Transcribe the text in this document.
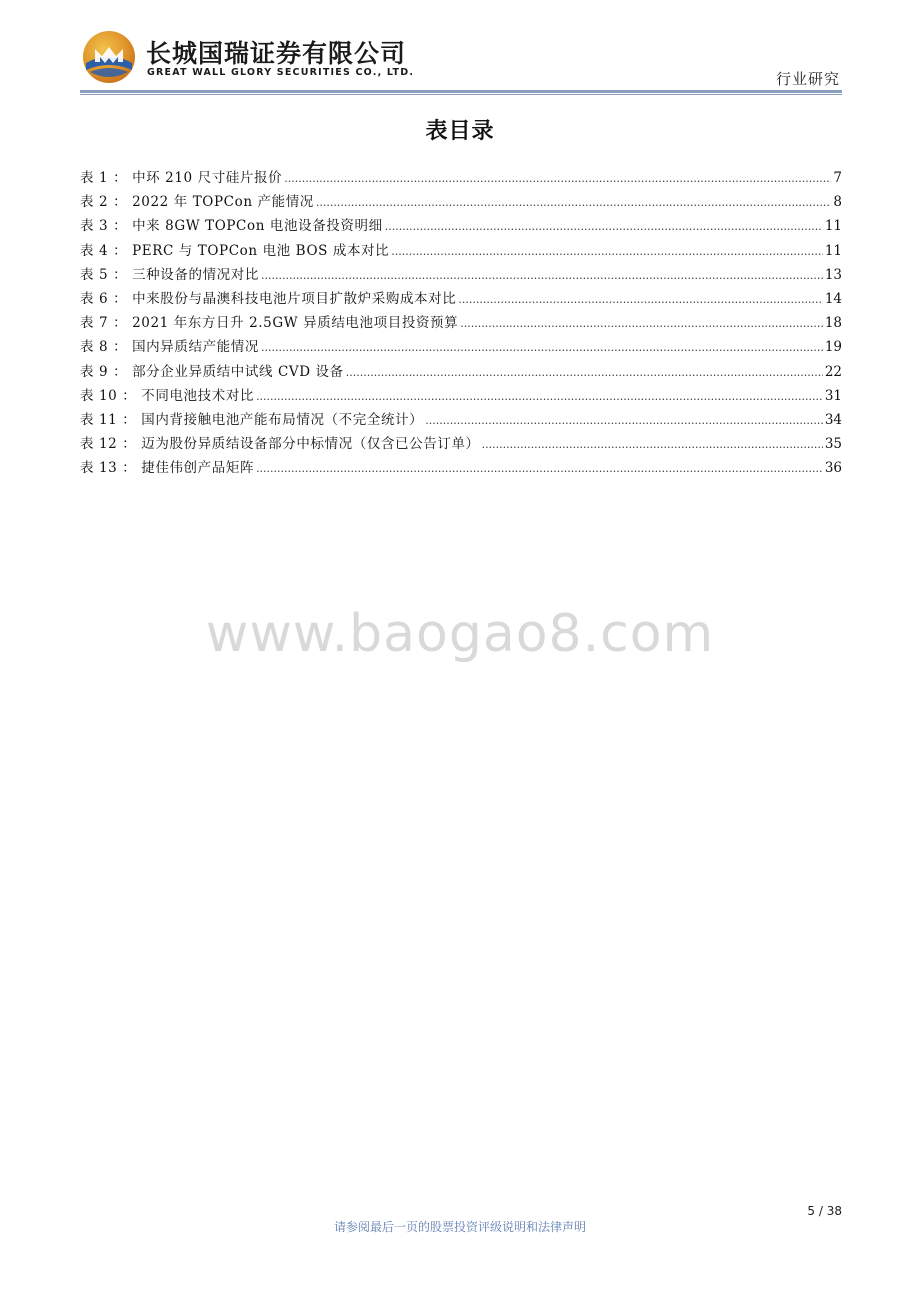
长城国瑞证券有限公司
GREAT WALL GLORY SECURITIES CO., LTD.	行业研究
表目录
表 1 ： 中环 210 尺寸硅片报价 .....	7
表 2 ： 2022 年 TOPCon 产能情况 .....	8
表 3 ： 中来 8GW TOPCon 电池设备投资明细 .....	11
表 4 ： PERC 与 TOPCon 电池 BOS 成本对比 .....	11
表 5 ： 三种设备的情况对比 .....	13
表 6 ： 中来股份与晶澳科技电池片项目扩散炉采购成本对比 .....	14
表 7 ： 2021 年东方日升 2.5GW 异质结电池项目投资预算 .....	18
表 8 ： 国内异质结产能情况 .....	19
表 9 ： 部分企业异质结中试线 CVD 设备 .....	22
表 10 ： 不同电池技术对比 .....	31
表 11 ： 国内背接触电池产能布局情况（不完全统计） .....	34
表 12 ： 迈为股份异质结设备部分中标情况（仅含已公告订单） .....	35
表 13 ： 捷佳伟创产品矩阵 .....	36
www.baogao8.com
5 / 38
请参阅最后一页的股票投资评级说明和法律声明
